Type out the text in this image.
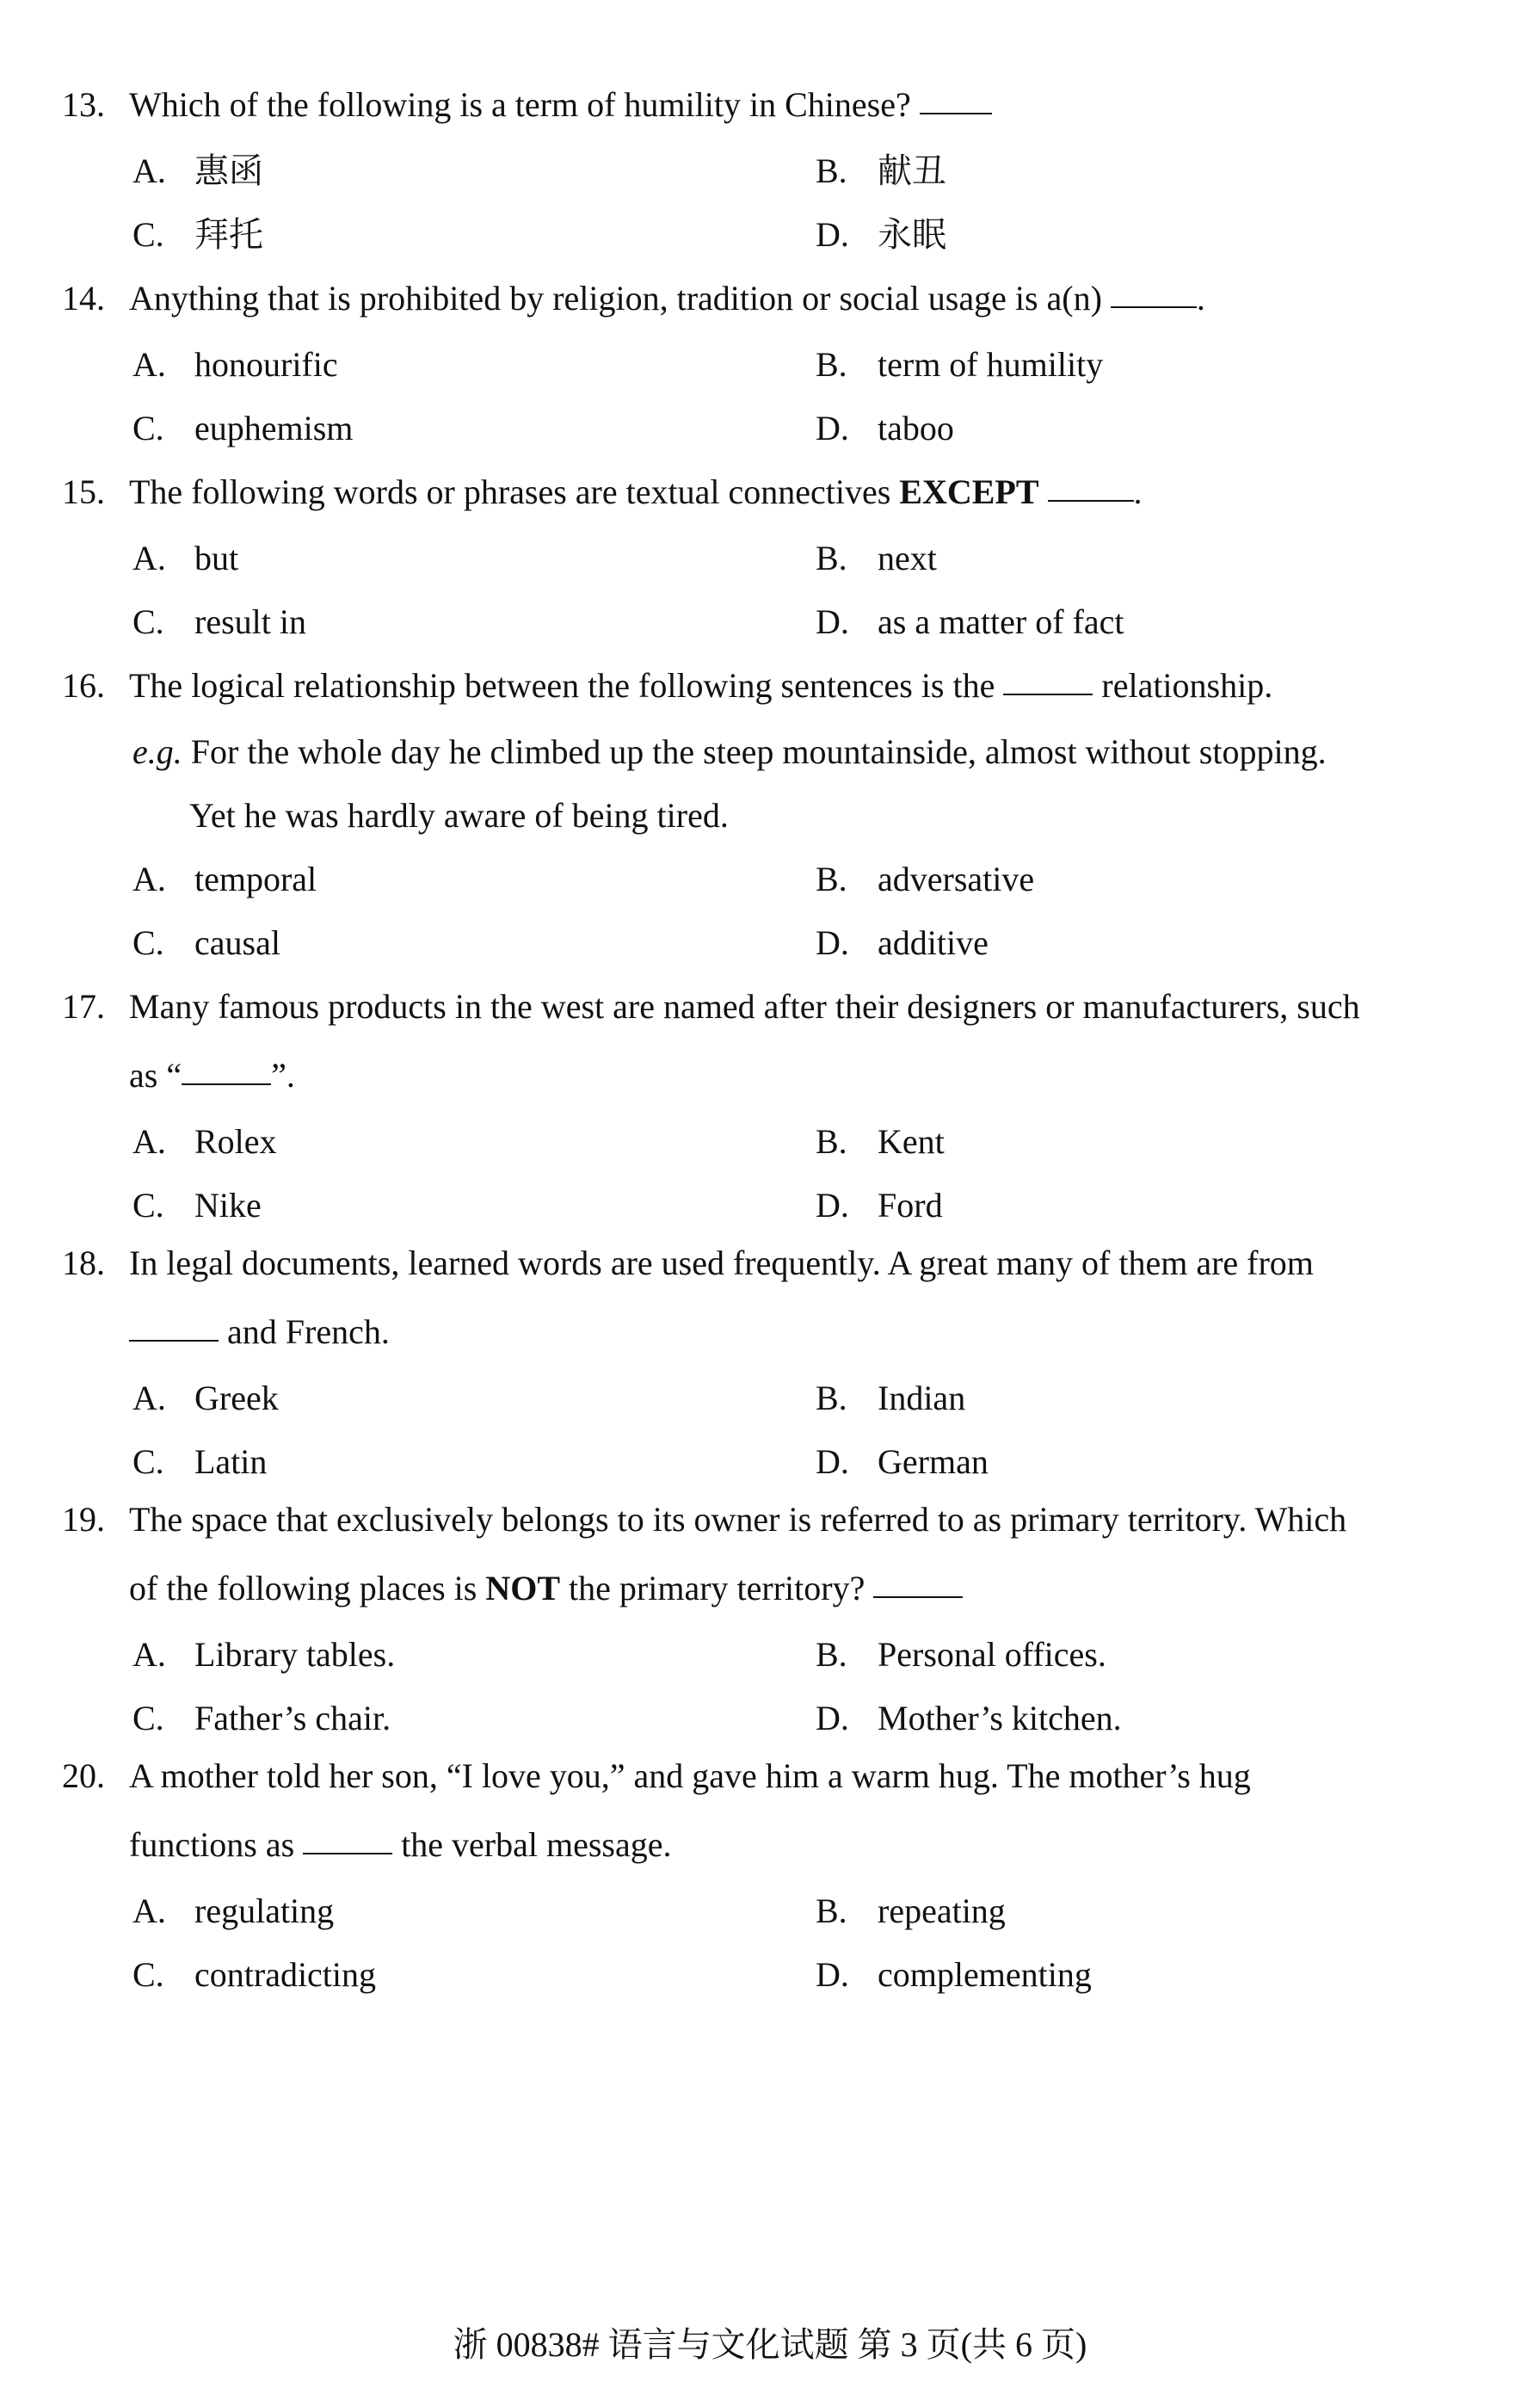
13. Which of the following is a term of humility in Chinese?
A. 惠函	B. 献丑
C. 拜托	D. 永眠
14. Anything that is prohibited by religion, tradition or social usage is a(n)	.
A. honourific	B. term of humility
C. euphemism	D. taboo
15. The following words or phrases are textual connectives EXCEPT	.
A. but	B. next
C. result in	D. as a matter of fact
16. The logical relationship between the following sentences is the	relationship.
e.g. For the whole day he climbed up the steep mountainside, almost without stopping.
Yet he was hardly aware of being tired.
A. temporal	B. adversative
C. causal	D. additive
17. Many famous products in the west are named after their designers or manufacturers, such
as “	”.
A. Rolex	B. Kent
C. Nike	D. Ford
18. In legal documents, learned words are used frequently. A great many of them are from
and French.
A. Greek	B. Indian
C. Latin	D. German
19. The space that exclusively belongs to its owner is referred to as primary territory. Which
of the following places is NOT the primary territory?
A. Library tables.	B. Personal offices.
C. Father’s chair.	D. Mother’s kitchen.
20. A mother told her son, “I love you,” and gave him a warm hug. The mother’s hug
functions as	the verbal message.
A. regulating	B. repeating
C. contradicting	D. complementing
浙 00838# 语言与文化试题 第 3 页(共 6 页)
